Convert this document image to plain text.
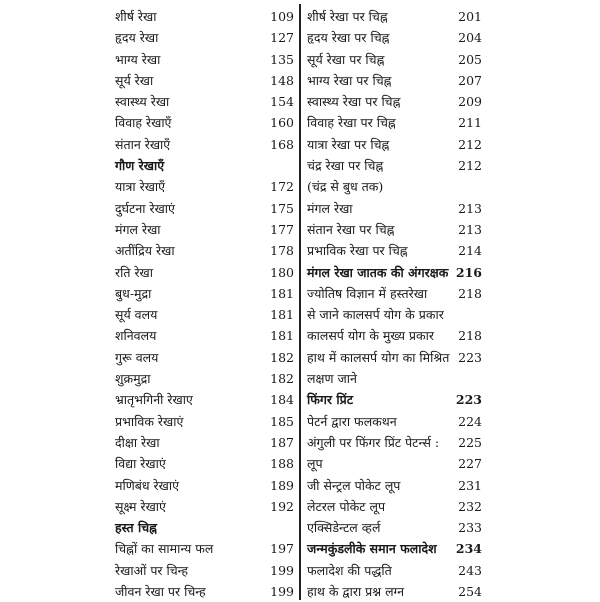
शीर्ष रेखा	109
हृदय रेखा	127
भाग्य रेखा	135
सूर्य रेखा	148
स्वास्थ्य रेखा	154
विवाह रेखाएँ	160
संतान रेखाएँ	168
गौण रेखाएँ
यात्रा रेखाएँ	172
दुर्घटना रेखाएं	175
मंगल रेखा	177
अतींद्रिय रेखा	178
रति रेखा	180
बुध-मुद्रा	181
सूर्य वलय	181
शनिवलय	181
गुरू वलय	182
शुक्रमुद्रा	182
भ्रातृभगिनी रेखाए	184
प्रभाविक रेखाएं	185
दीक्षा रेखा	187
विद्या रेखाएं	188
मणिबंध रेखाएं	189
सूक्ष्म रेखाएं	192
हस्त चिह्न
चिह्नों का सामान्य फल	197
रेखाओं पर चिन्ह	199
जीवन रेखा पर चिन्ह	199
शीर्ष रेखा पर चिह्न	201
हृदय रेखा पर चिह्न	204
सूर्य रेखा पर चिह्न	205
भाग्य रेखा पर चिह्न	207
स्वास्थ्य रेखा पर चिह्न	209
विवाह रेखा पर चिह्न	211
यात्रा रेखा पर चिह्न	212
चंद्र रेखा पर चिह्न	212
(चंद्र से बुध तक)
मंगल रेखा	213
संतान रेखा पर चिह्न	213
प्रभाविक रेखा पर चिह्न	214
मंगल रेखा जातक की अंगरक्षक 216
ज्योतिष विज्ञान में हस्तरेखा 218
से जाने कालसर्प योग के प्रकार
कालसर्प योग के मुख्य प्रकार 218
हाथ में कालसर्प योग का मिश्रित 223
लक्षण जाने
फिंगर प्रिंट	223
पेटर्न द्वारा फलकथन	224
अंगुली पर फिंगर प्रिंट पेटर्न्स : 225
लूप	227
जी सेन्ट्रल पोकेट लूप	231
लेटरल पोकेट लूप	232
एक्सिडेन्टल व्हर्ल	233
जन्मकुंडलीके समान फलादेश 234
फलादेश की पद्धति	243
हाथ के द्वारा प्रश्न लग्न	254
